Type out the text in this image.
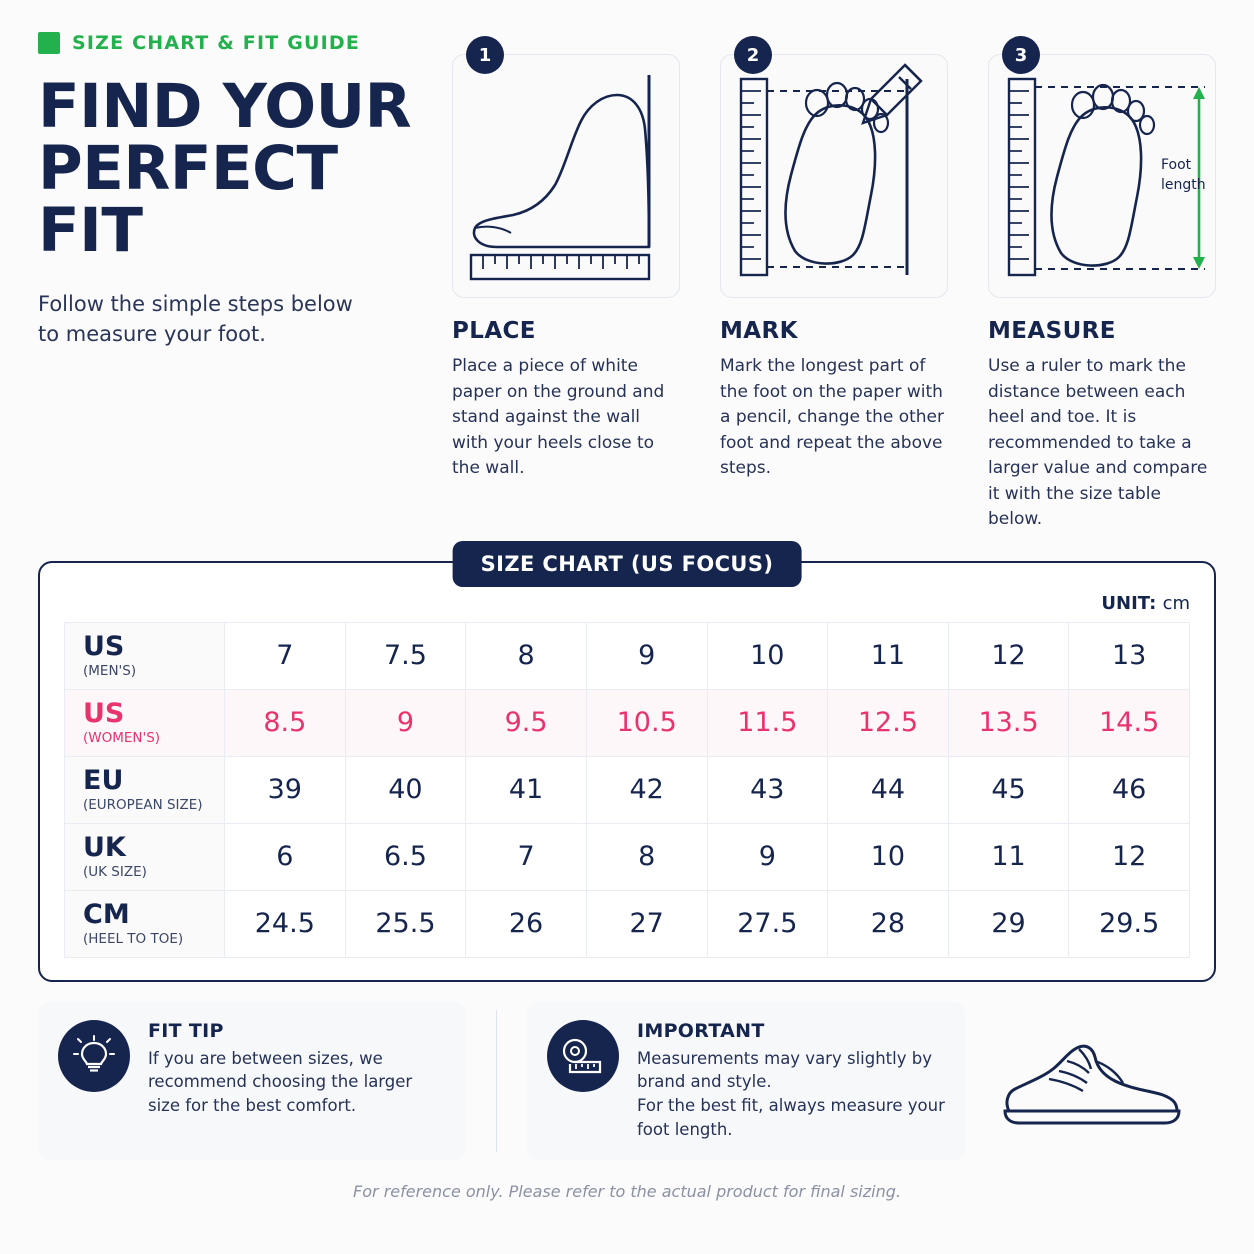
SIZE CHART & FIT GUIDE
FIND YOUR
PERFECT FIT
Follow the simple steps below
to measure your foot.
1
PLACE
Place a piece of white paper on the ground and stand against the wall with your heels close to the wall.
2
MARK
Mark the longest part of the foot on the paper with a pencil, change the other foot and repeat the above steps.
3
Foot
length
MEASURE
Use a ruler to mark the distance between each heel and toe. It is recommended to take a larger value and compare it with the size table below.
SIZE CHART (US FOCUS)
UNIT: cm
US
(MEN'S)	7	7.5	8	9	10	11	12	13

US
(WOMEN'S)	8.5	9	9.5	10.5	11.5	12.5	13.5	14.5

EU
(EUROPEAN SIZE)	39	40	41	42	43	44	45	46

UK
(UK SIZE)	6	6.5	7	8	9	10	11	12

CM
(HEEL TO TOE)	24.5	25.5	26	27	27.5	28	29	29.5
FIT TIP
If you are between sizes, we recommend choosing the larger size for the best comfort.
IMPORTANT
Measurements may vary slightly by brand and style.
For the best fit, always measure your foot length.
For reference only. Please refer to the actual product for final sizing.
